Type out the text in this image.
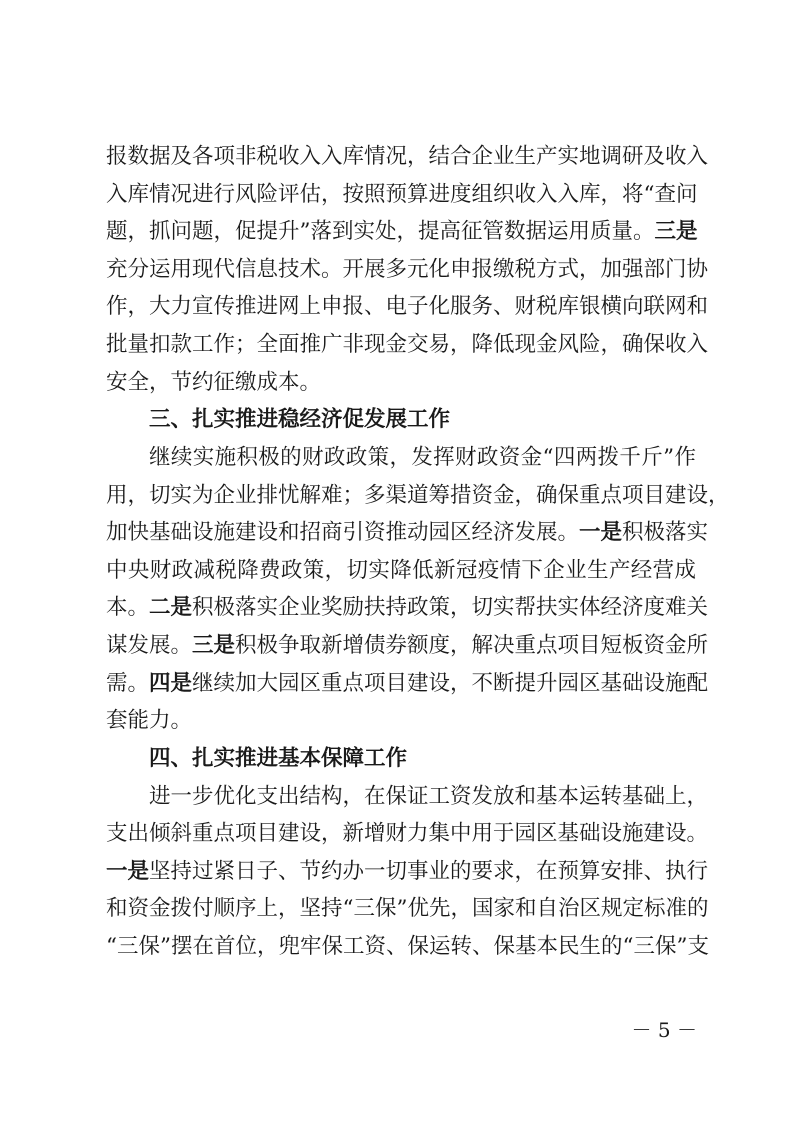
报数据及各项非税收入入库情况，结合企业生产实地调研及收入
入库情况进行风险评估，按照预算进度组织收入入库，将“查问
题，抓问题，促提升”落到实处，提高征管数据运用质量。三是
充分运用现代信息技术。开展多元化申报缴税方式，加强部门协
作，大力宣传推进网上申报、电子化服务、财税库银横向联网和
批量扣款工作；全面推广非现金交易，降低现金风险，确保收入
安全，节约征缴成本。
三、扎实推进稳经济促发展工作
继续实施积极的财政政策，发挥财政资金“四两拨千斤”作
用，切实为企业排忧解难；多渠道筹措资金，确保重点项目建设，
加快基础设施建设和招商引资推动园区经济发展。一是积极落实
中央财政减税降费政策，切实降低新冠疫情下企业生产经营成
本。二是积极落实企业奖励扶持政策，切实帮扶实体经济度难关
谋发展。三是积极争取新增债券额度，解决重点项目短板资金所
需。四是继续加大园区重点项目建设，不断提升园区基础设施配
套能力。
四、扎实推进基本保障工作
进一步优化支出结构，在保证工资发放和基本运转基础上，
支出倾斜重点项目建设，新增财力集中用于园区基础设施建设。
一是坚持过紧日子、节约办一切事业的要求，在预算安排、执行
和资金拨付顺序上，坚持“三保”优先，国家和自治区规定标准的
“三保”摆在首位，兜牢保工资、保运转、保基本民生的“三保”支
－ 5 －
